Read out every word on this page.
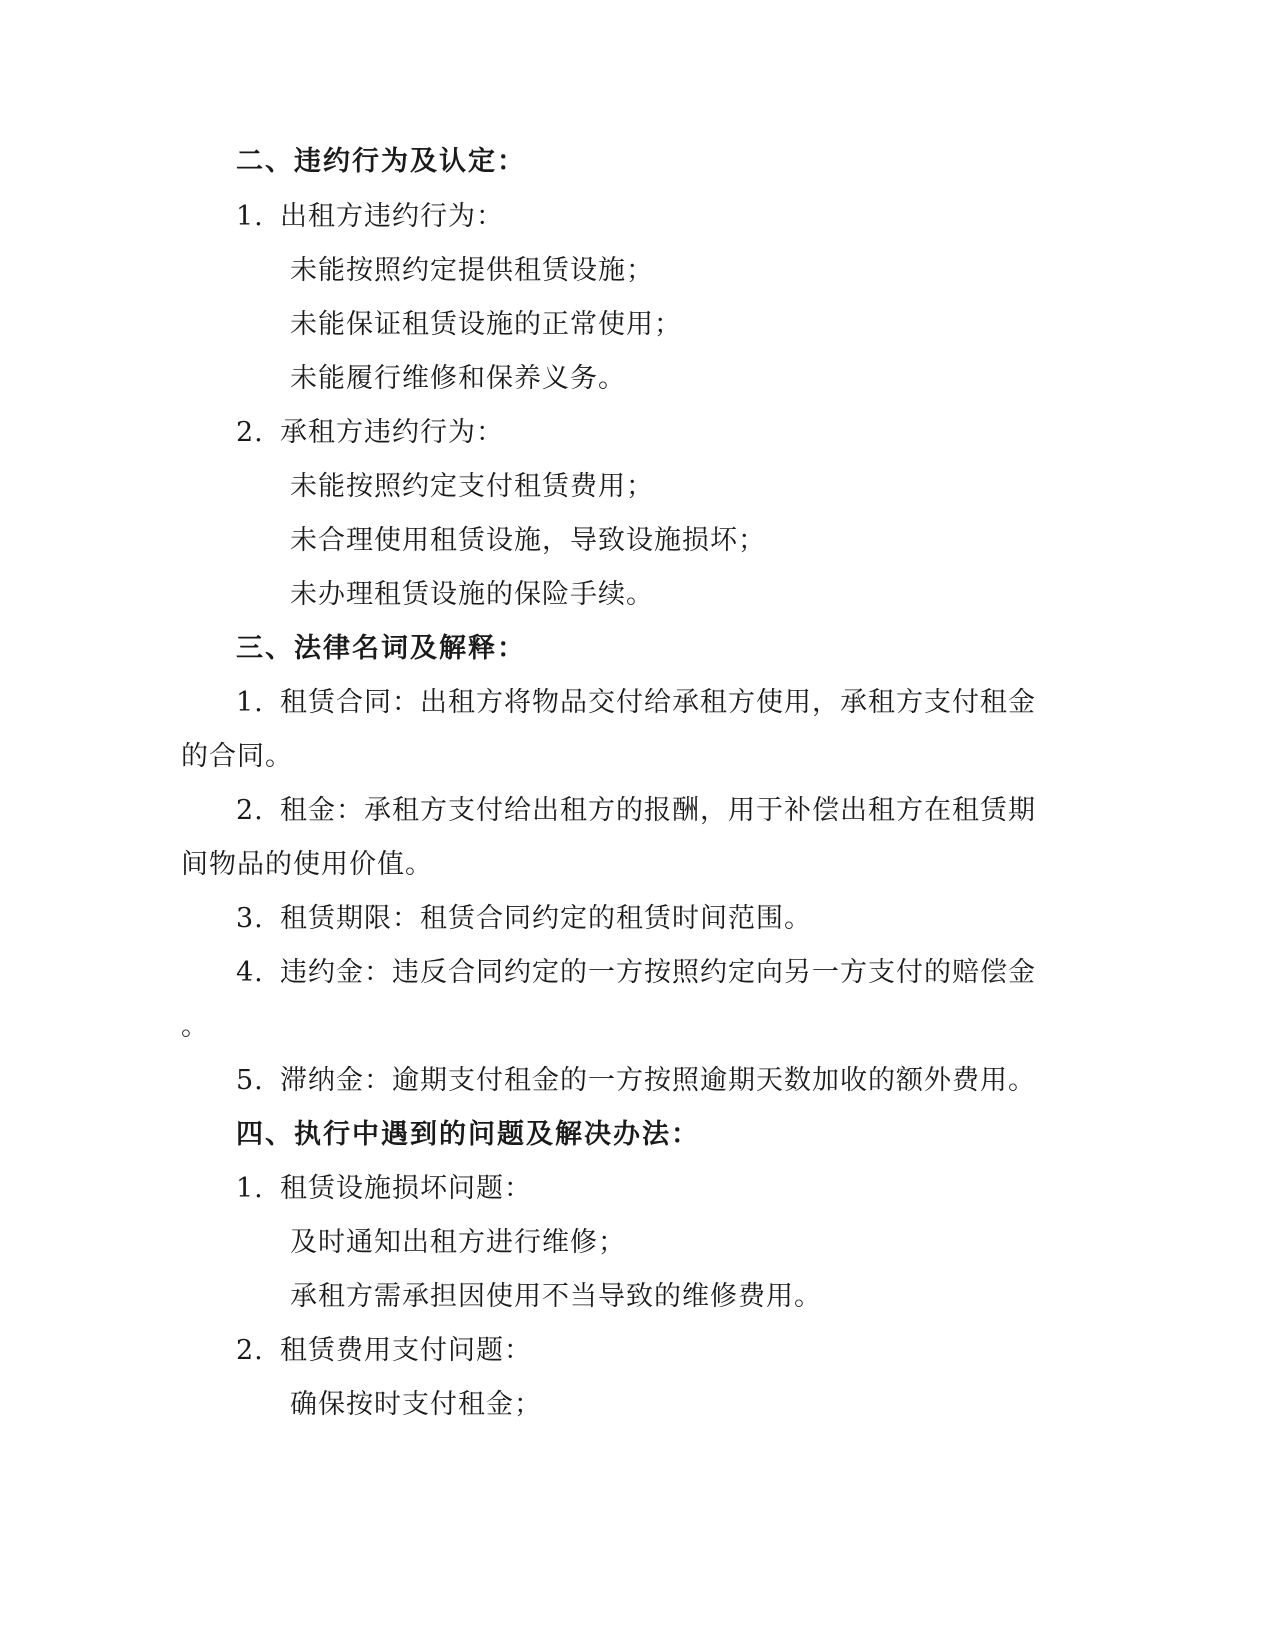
二、违约行为及认定：
1. 出租方违约行为：
未能按照约定提供租赁设施；
未能保证租赁设施的正常使用；
未能履行维修和保养义务。
2. 承租方违约行为：
未能按照约定支付租赁费用；
未合理使用租赁设施，导致设施损坏；
未办理租赁设施的保险手续。
三、法律名词及解释：
1. 租赁合同：出租方将物品交付给承租方使用，承租方支付租金
的合同。
2. 租金：承租方支付给出租方的报酬，用于补偿出租方在租赁期
间物品的使用价值。
3. 租赁期限：租赁合同约定的租赁时间范围。
4. 违约金：违反合同约定的一方按照约定向另一方支付的赔偿金
。
5. 滞纳金：逾期支付租金的一方按照逾期天数加收的额外费用。
四、执行中遇到的问题及解决办法：
1. 租赁设施损坏问题：
及时通知出租方进行维修；
承租方需承担因使用不当导致的维修费用。
2. 租赁费用支付问题：
确保按时支付租金；
